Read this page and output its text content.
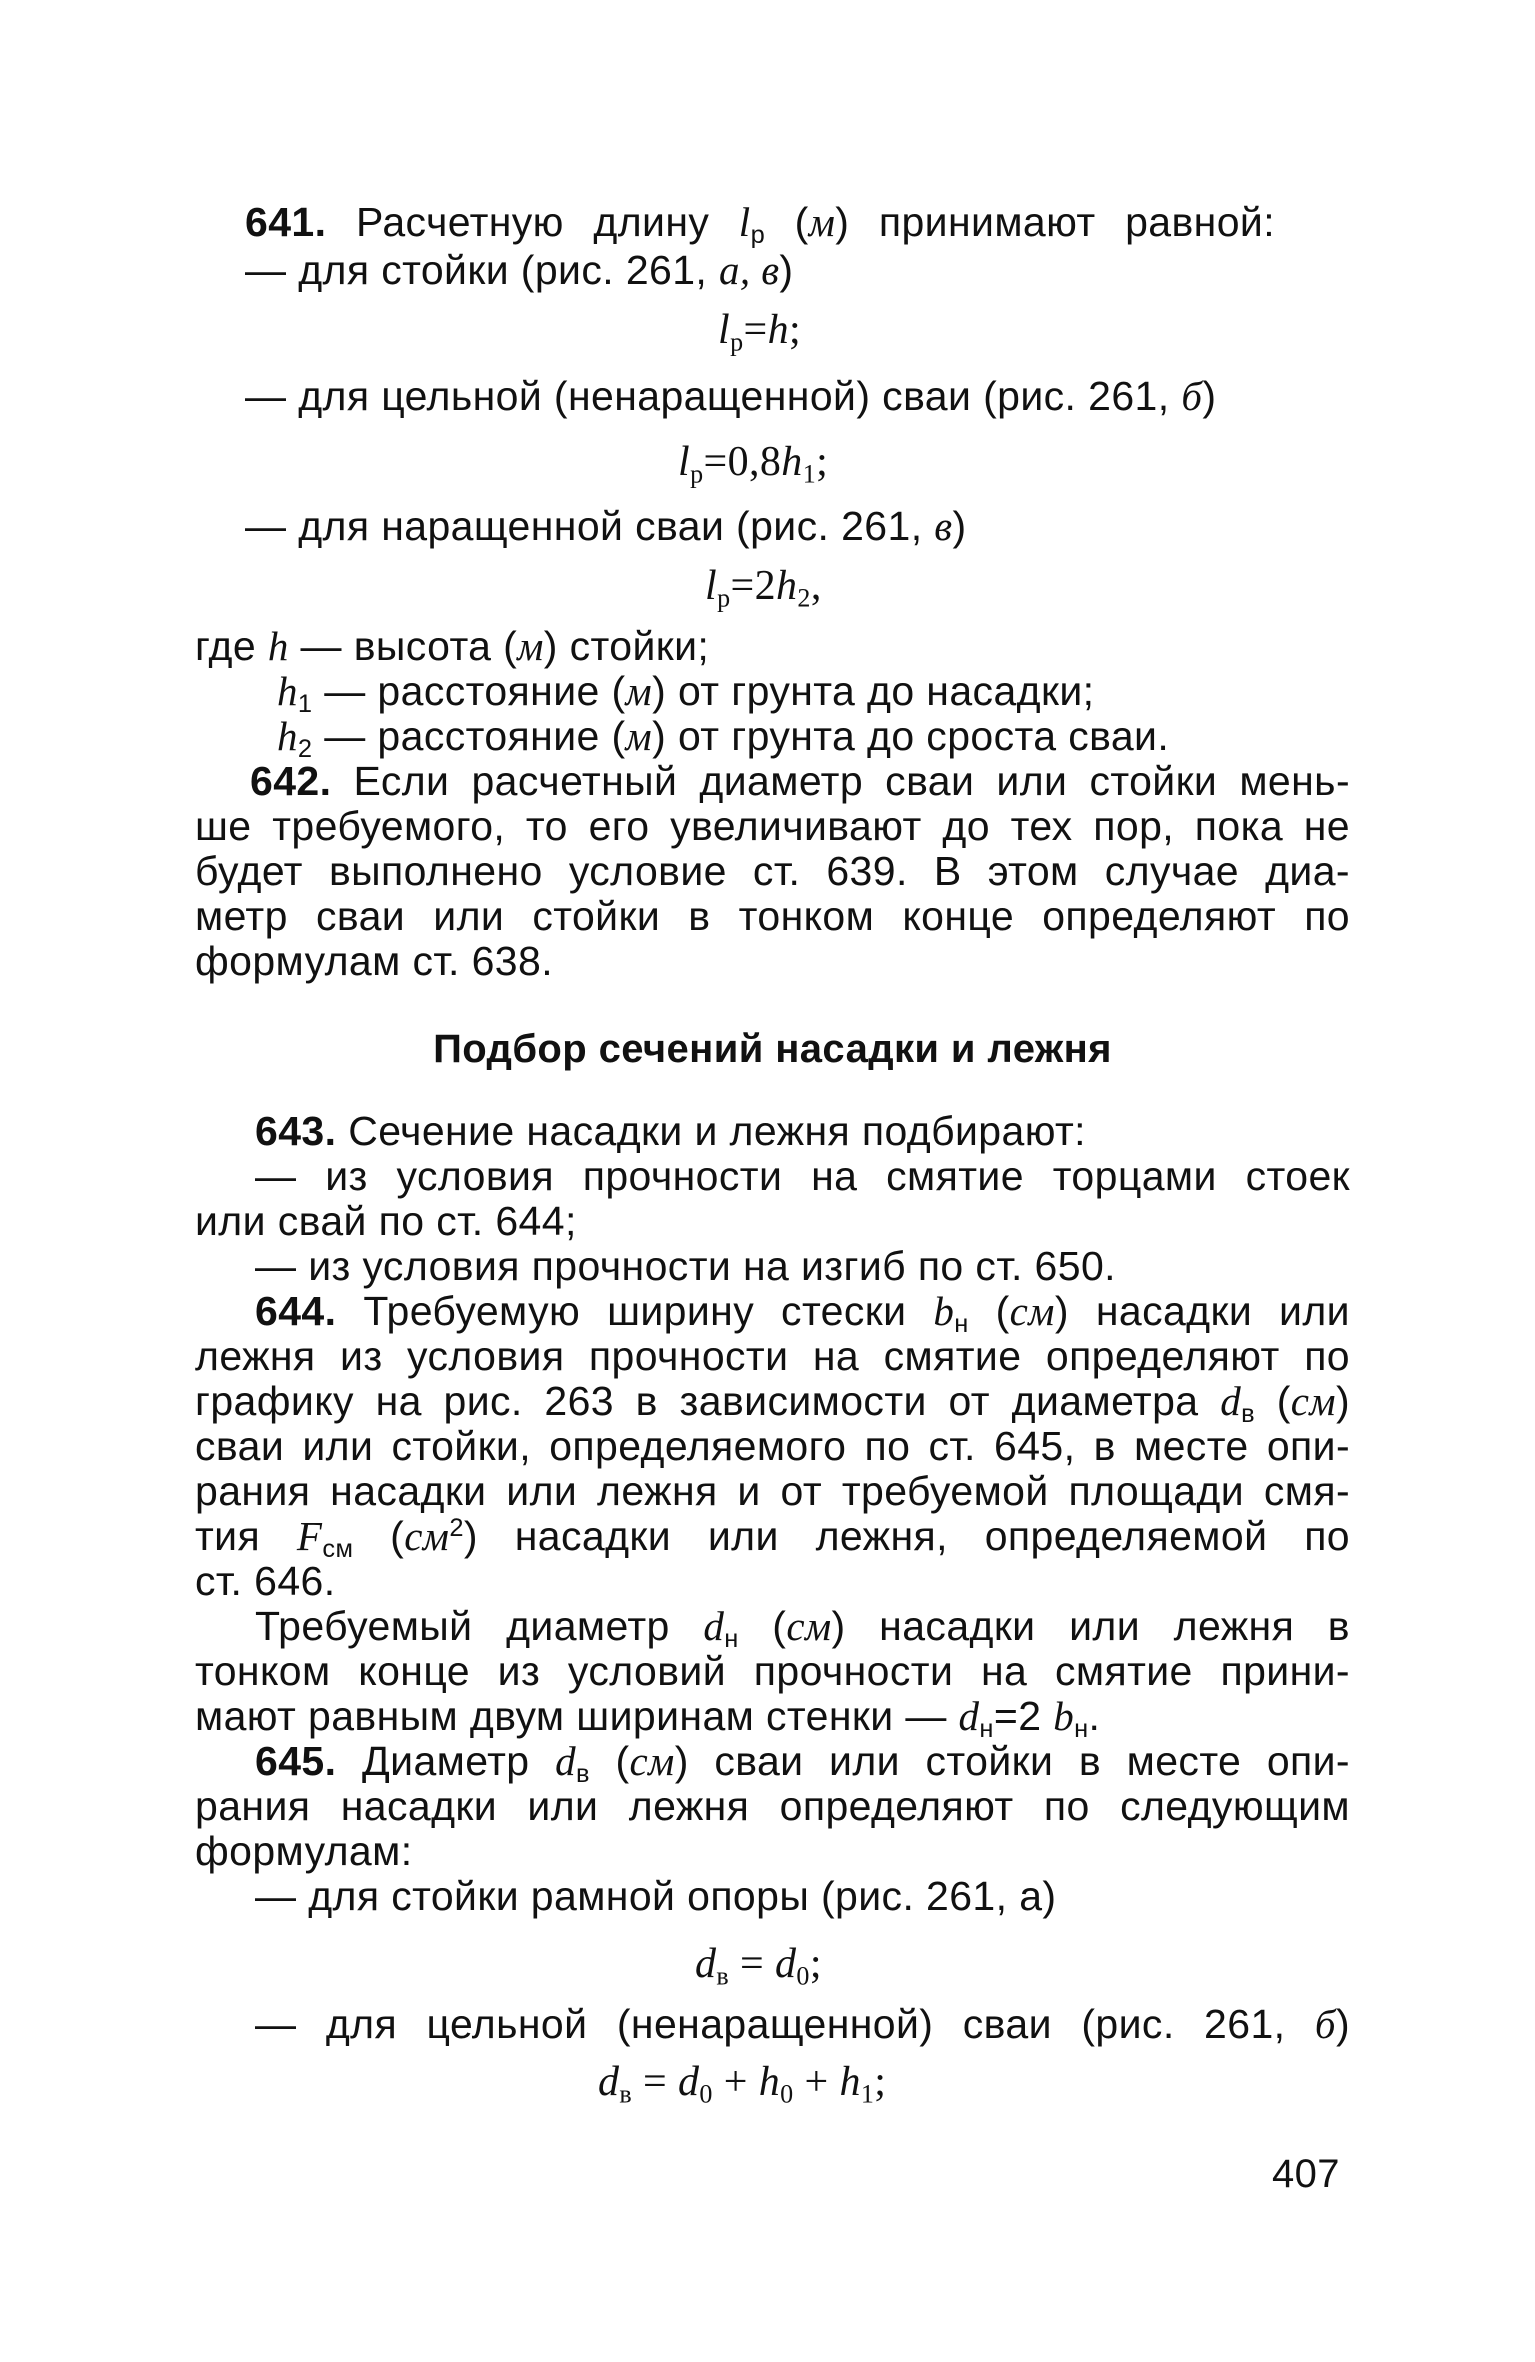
641. Расчетную длину $l_р$ (м) принимают равной:
— для стойки (рис. 261, а, в)
$l_р=h$;
— для цельной (ненаращенной) сваи (рис. 261, б)
$l_р=0,8h_1$;
— для наращенной сваи (рис. 261, в)
$l_р=2h_2$,
где h — высота (м) стойки;
$h_1$ — расстояние (м) от грунта до насадки;
$h_2$ — расстояние (м) от грунта до сроста сваи.
642. Если расчетный диаметр сваи или стойки мень-
ше требуемого, то его увеличивают до тех пор, пока не
будет выполнено условие ст. 639. В этом случае диа-
метр сваи или стойки в тонком конце определяют по
формулам ст. 638.
Подбор сечений насадки и лежня
643. Сечение насадки и лежня подбирают:
— из условия прочности на смятие торцами стоек
или свай по ст. 644;
— из условия прочности на изгиб по ст. 650.
644. Требуемую ширину стески $b_н$ (см) насадки или
лежня из условия прочности на смятие определяют по
графику на рис. 263 в зависимости от диаметра $d_в$ (см)
сваи или стойки, определяемого по ст. 645, в месте опи-
рания насадки или лежня и от требуемой площади смя-
тия $F_{см}$ $(см^2)$ насадки или лежня, определяемой по
ст. 646.
Требуемый диаметр $d_н$ (см) насадки или лежня в
тонком конце из условий прочности на смятие прини-
мают равным двум ширинам стенки — $d_н=2$ $b_н$.
645. Диаметр $d_в$ (см) сваи или стойки в месте опи-
рания насадки или лежня определяют по следующим
формулам:
— для стойки рамной опоры (рис. 261, а)
$d_в = d_0$;
— для цельной (ненаращенной) сваи (рис. 261, б)
$d_в = d_0 + h_0 + h_1$;
407
